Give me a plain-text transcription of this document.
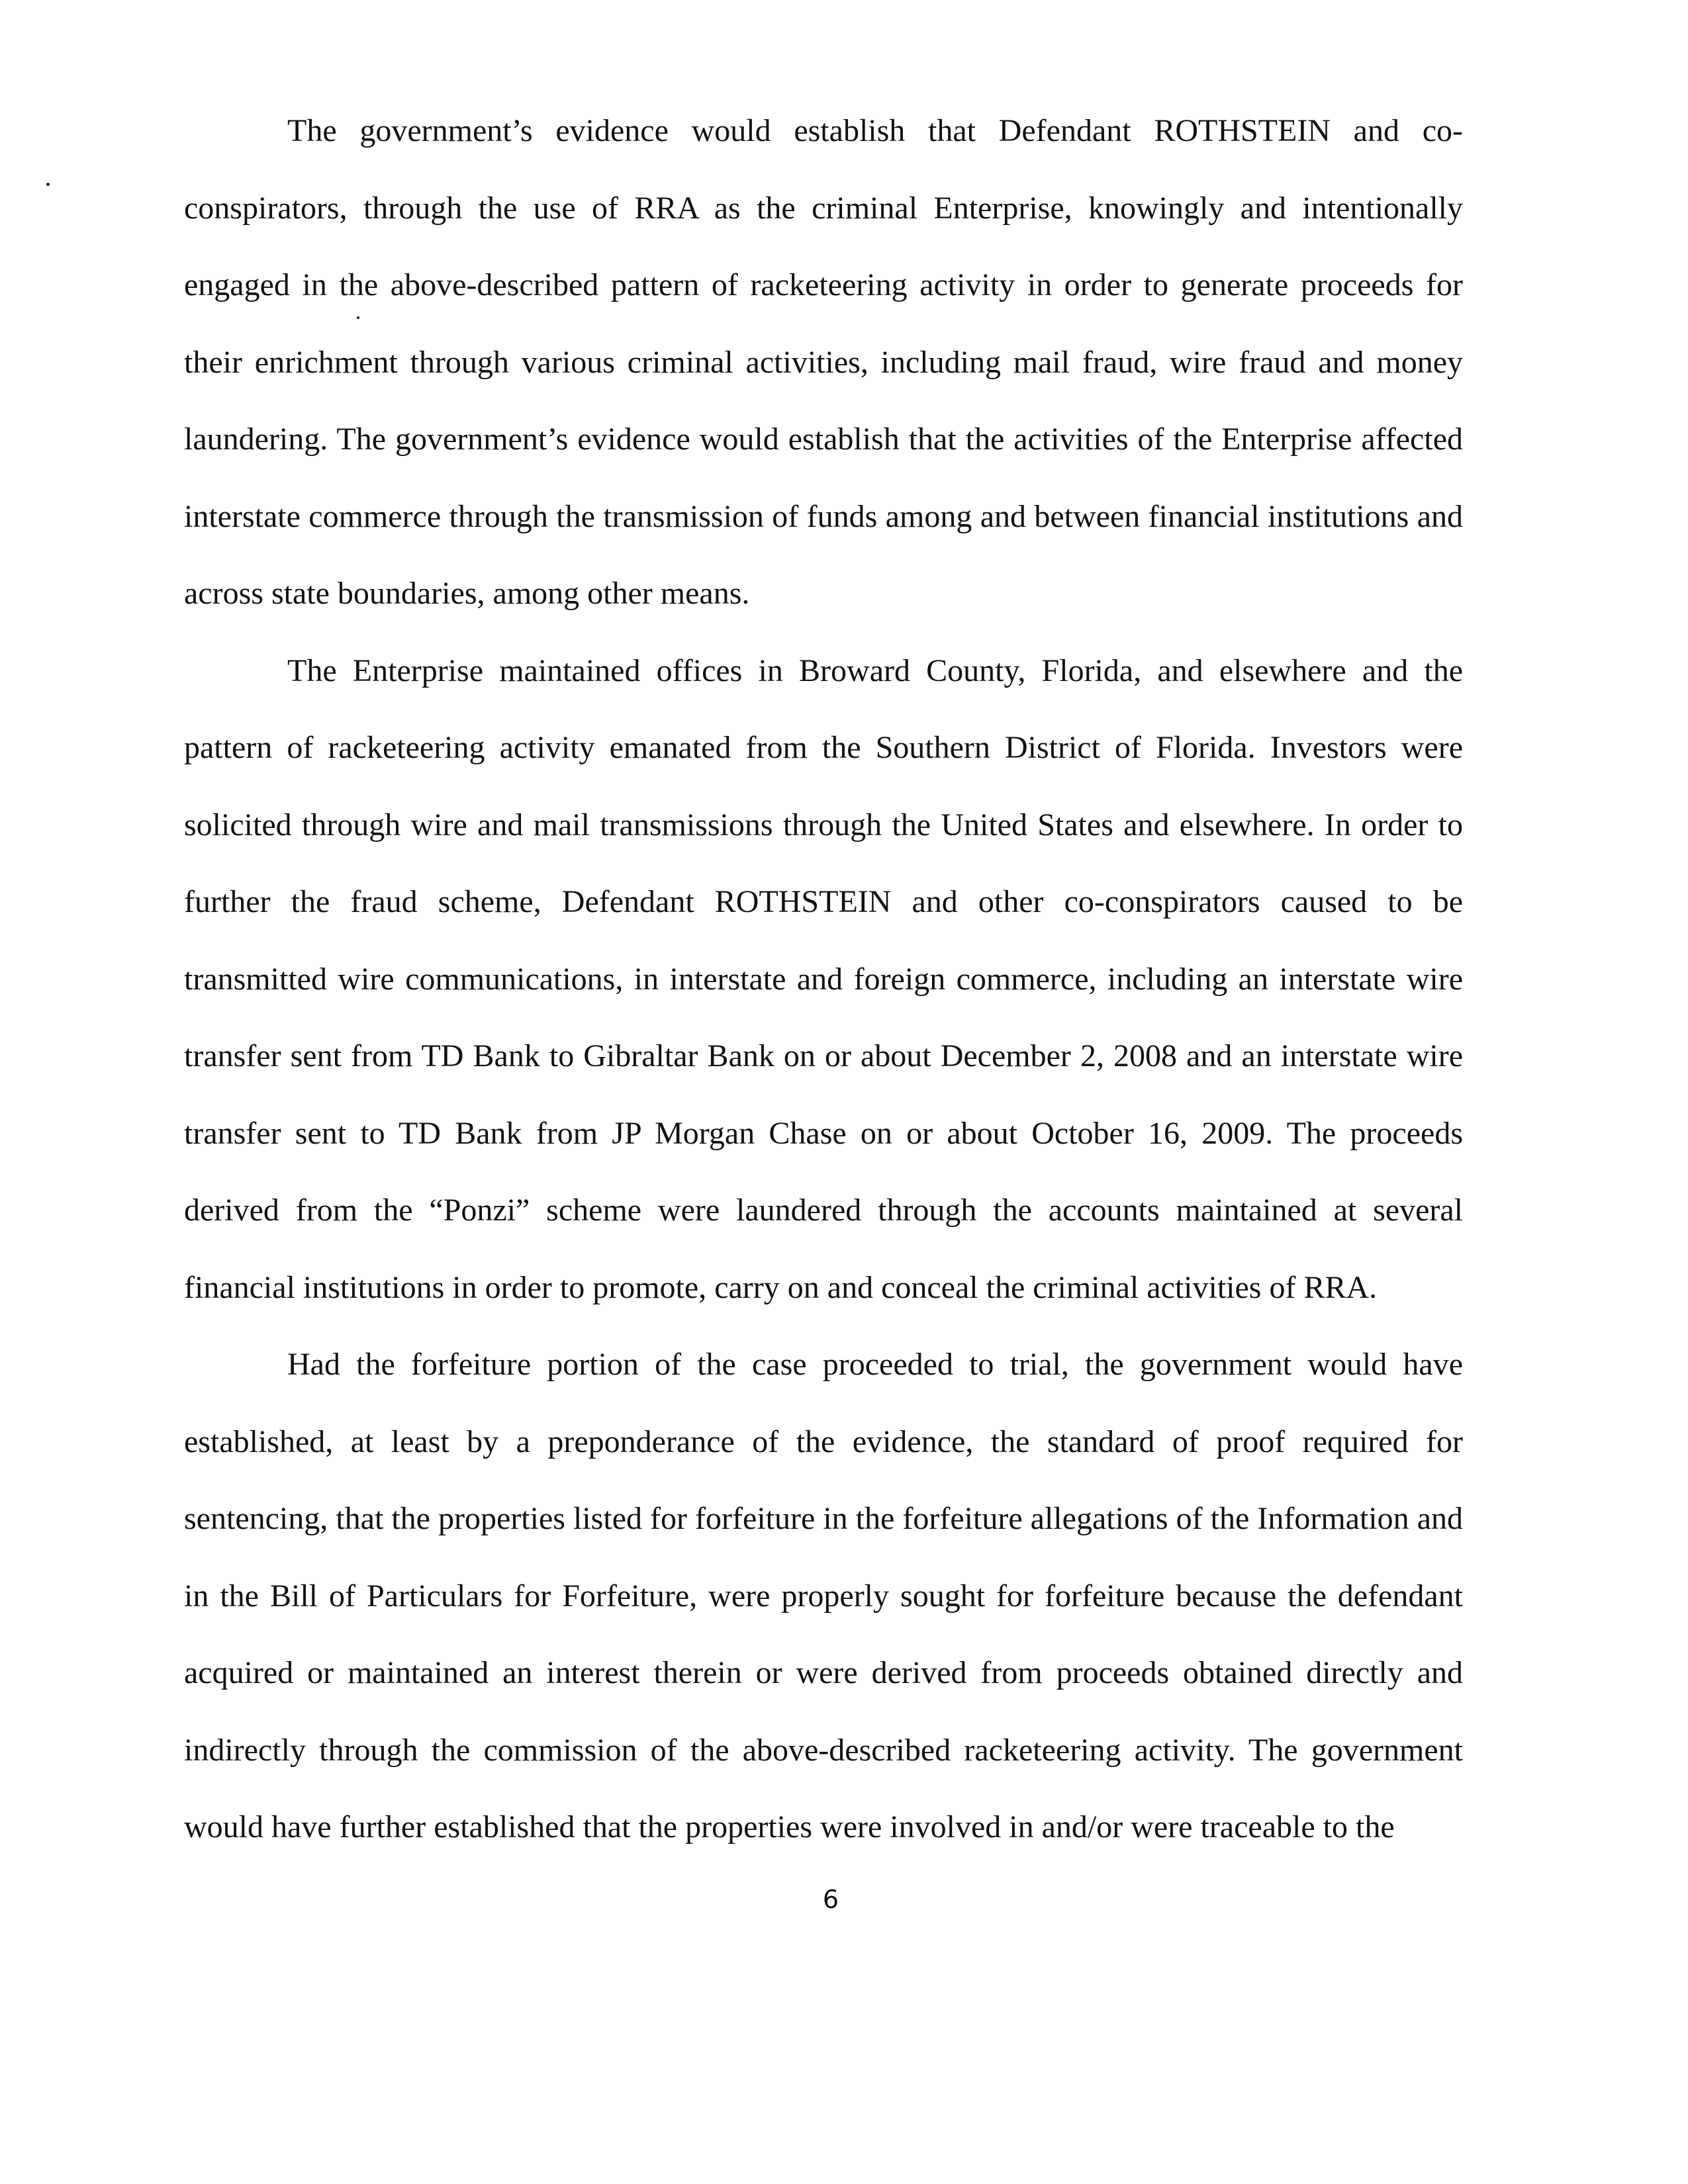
The government’s evidence would establish that Defendant ROTHSTEIN and co-conspirators, through the use of RRA as the criminal Enterprise, knowingly and intentionally engaged in the above-described pattern of racketeering activity in order to generate proceeds for their enrichment through various criminal activities, including mail fraud, wire fraud and money laundering. The government’s evidence would establish that the activities of the Enterprise affected interstate commerce through the transmission of funds among and between financial institutions and across state boundaries, among other means.

The Enterprise maintained offices in Broward County, Florida, and elsewhere and the pattern of racketeering activity emanated from the Southern District of Florida. Investors were solicited through wire and mail transmissions through the United States and elsewhere. In order to further the fraud scheme, Defendant ROTHSTEIN and other co-conspirators caused to be transmitted wire communications, in interstate and foreign commerce, including an interstate wire transfer sent from TD Bank to Gibraltar Bank on or about December 2, 2008 and an interstate wire transfer sent to TD Bank from JP Morgan Chase on or about October 16, 2009. The proceeds derived from the “Ponzi” scheme were laundered through the accounts maintained at several financial institutions in order to promote, carry on and conceal the criminal activities of RRA.

Had the forfeiture portion of the case proceeded to trial, the government would have established, at least by a preponderance of the evidence, the standard of proof required for sentencing, that the properties listed for forfeiture in the forfeiture allegations of the Information and in the Bill of Particulars for Forfeiture, were properly sought for forfeiture because the defendant acquired or maintained an interest therein or were derived from proceeds obtained directly and indirectly through the commission of the above-described racketeering activity. The government would have further established that the properties were involved in and/or were traceable to the

6
